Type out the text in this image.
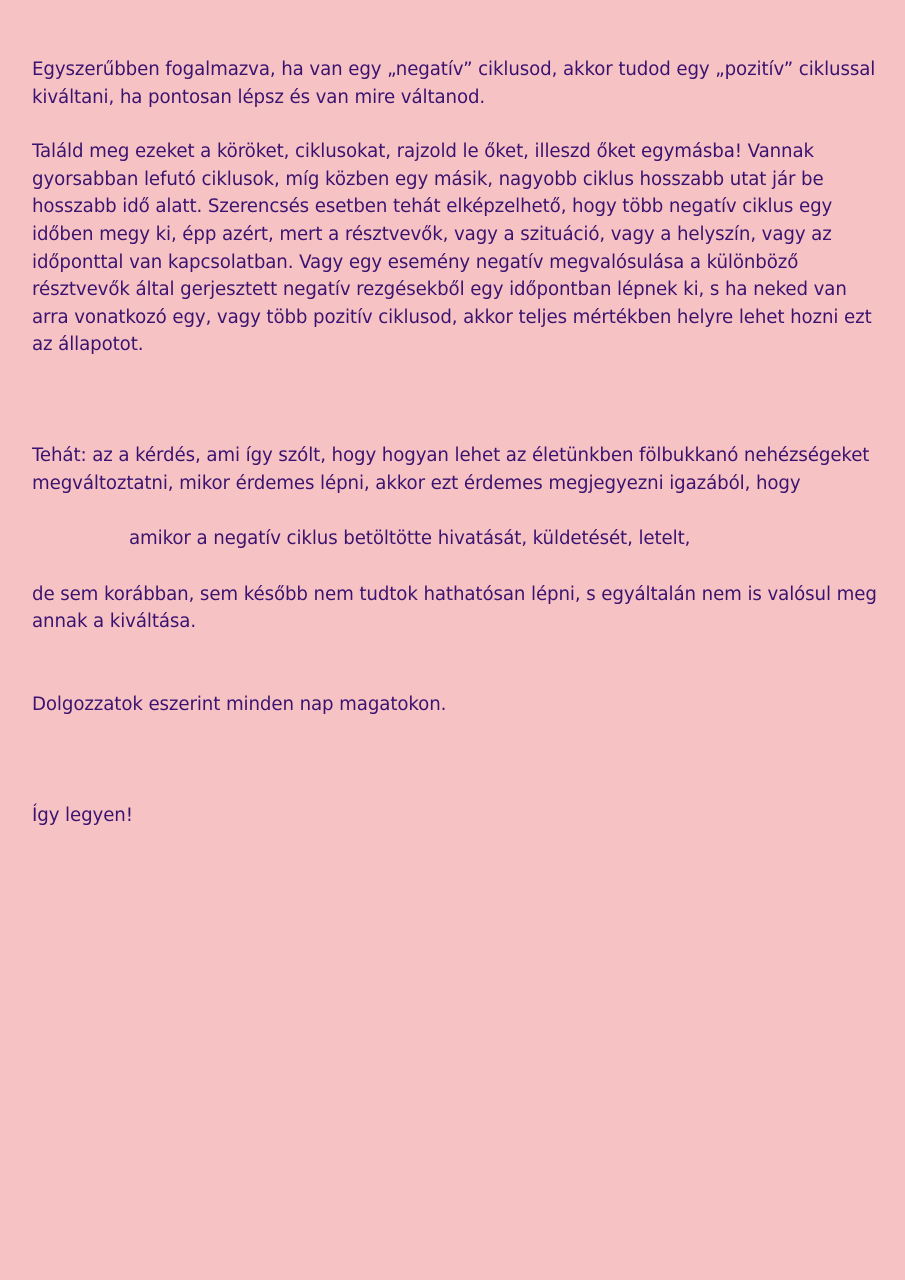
Egyszerűbben fogalmazva, ha van egy „negatív” ciklusod, akkor tudod egy „pozitív” ciklussal kiváltani, ha pontosan lépsz és van mire váltanod.

Találd meg ezeket a köröket, ciklusokat, rajzold le őket, illeszd őket egymásba! Vannak gyorsabban lefutó ciklusok, míg közben egy másik, nagyobb ciklus hosszabb utat jár be hosszabb idő alatt. Szerencsés esetben tehát elképzelhető, hogy több negatív ciklus egy időben megy ki, épp azért, mert a résztvevők, vagy a szituáció, vagy a helyszín, vagy az időponttal van kapcsolatban. Vagy egy esemény negatív megvalósulása a különböző résztvevők által gerjesztett negatív rezgésekből egy időpontban lépnek ki, s ha neked van arra vonatkozó egy, vagy több pozitív ciklusod, akkor teljes mértékben helyre lehet hozni ezt az állapotot.

Tehát: az a kérdés, ami így szólt, hogy hogyan lehet az életünkben fölbukkanó nehézségeket megváltoztatni, mikor érdemes lépni, akkor ezt érdemes megjegyezni igazából, hogy

amikor a negatív ciklus betöltötte hivatását, küldetését, letelt,

de sem korábban, sem később nem tudtok hathatósan lépni, s egyáltalán nem is valósul meg annak a kiváltása.

Dolgozzatok eszerint minden nap magatokon.

Így legyen!
